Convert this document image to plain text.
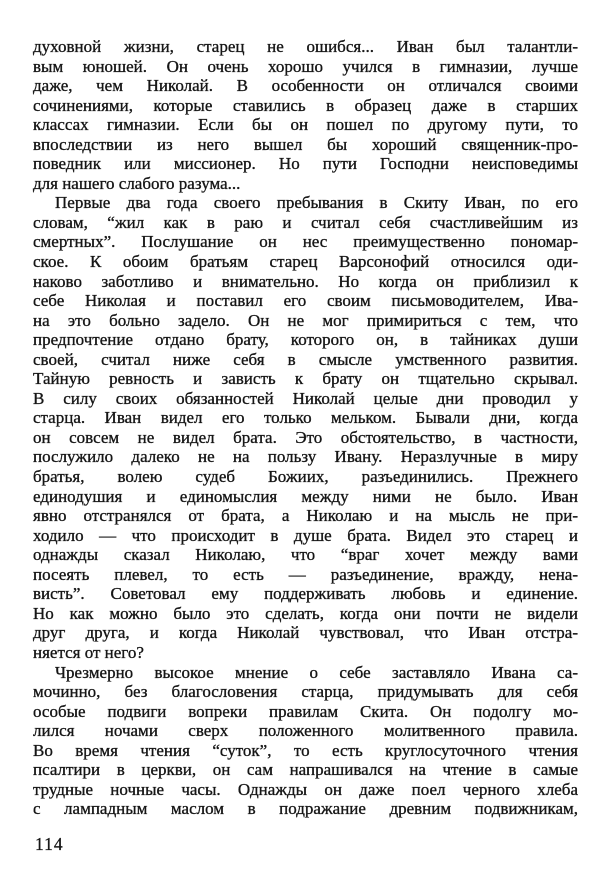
духовной жизни, старец не ошибся... Иван был талантли-
вым юношей. Он очень хорошо учился в гимназии, лучше
даже, чем Николай. В особенности он отличался своими
сочинениями, которые ставились в образец даже в старших
классах гимназии. Если бы он пошел по другому пути, то
впоследствии из него вышел бы хороший священник-про-
поведник или миссионер. Но пути Господни неисповедимы
для нашего слабого разума...
Первые два года своего пребывания в Скиту Иван, по его
словам, “жил как в раю и считал себя счастливейшим из
смертных”. Послушание он нес преимущественно пономар-
ское. К обоим братьям старец Варсонофий относился оди-
наково заботливо и внимательно. Но когда он приблизил к
себе Николая и поставил его своим письмоводителем, Ива-
на это больно задело. Он не мог примириться с тем, что
предпочтение отдано брату, которого он, в тайниках души
своей, считал ниже себя в смысле умственного развития.
Тайную ревность и зависть к брату он тщательно скрывал.
В силу своих обязанностей Николай целые дни проводил у
старца. Иван видел его только мельком. Бывали дни, когда
он совсем не видел брата. Это обстоятельство, в частности,
послужило далеко не на пользу Ивану. Неразлучные в миру
братья, волею судеб Божиих, разъединились. Прежнего
единодушия и единомыслия между ними не было. Иван
явно отстранялся от брата, а Николаю и на мысль не при-
ходило — что происходит в душе брата. Видел это старец и
однажды сказал Николаю, что “враг хочет между вами
посеять плевел, то есть — разъединение, вражду, нена-
висть”. Советовал ему поддерживать любовь и единение.
Но как можно было это сделать, когда они почти не видели
друг друга, и когда Николай чувствовал, что Иван отстра-
няется от него?
Чрезмерно высокое мнение о себе заставляло Ивана са-
мочинно, без благословения старца, придумывать для себя
особые подвиги вопреки правилам Скита. Он подолгу мо-
лился ночами сверх положенного молитвенного правила.
Во время чтения “суток”, то есть круглосуточного чтения
псалтири в церкви, он сам напрашивался на чтение в самые
трудные ночные часы. Однажды он даже поел черного хлеба
с лампадным маслом в подражание древним подвижникам,
114
